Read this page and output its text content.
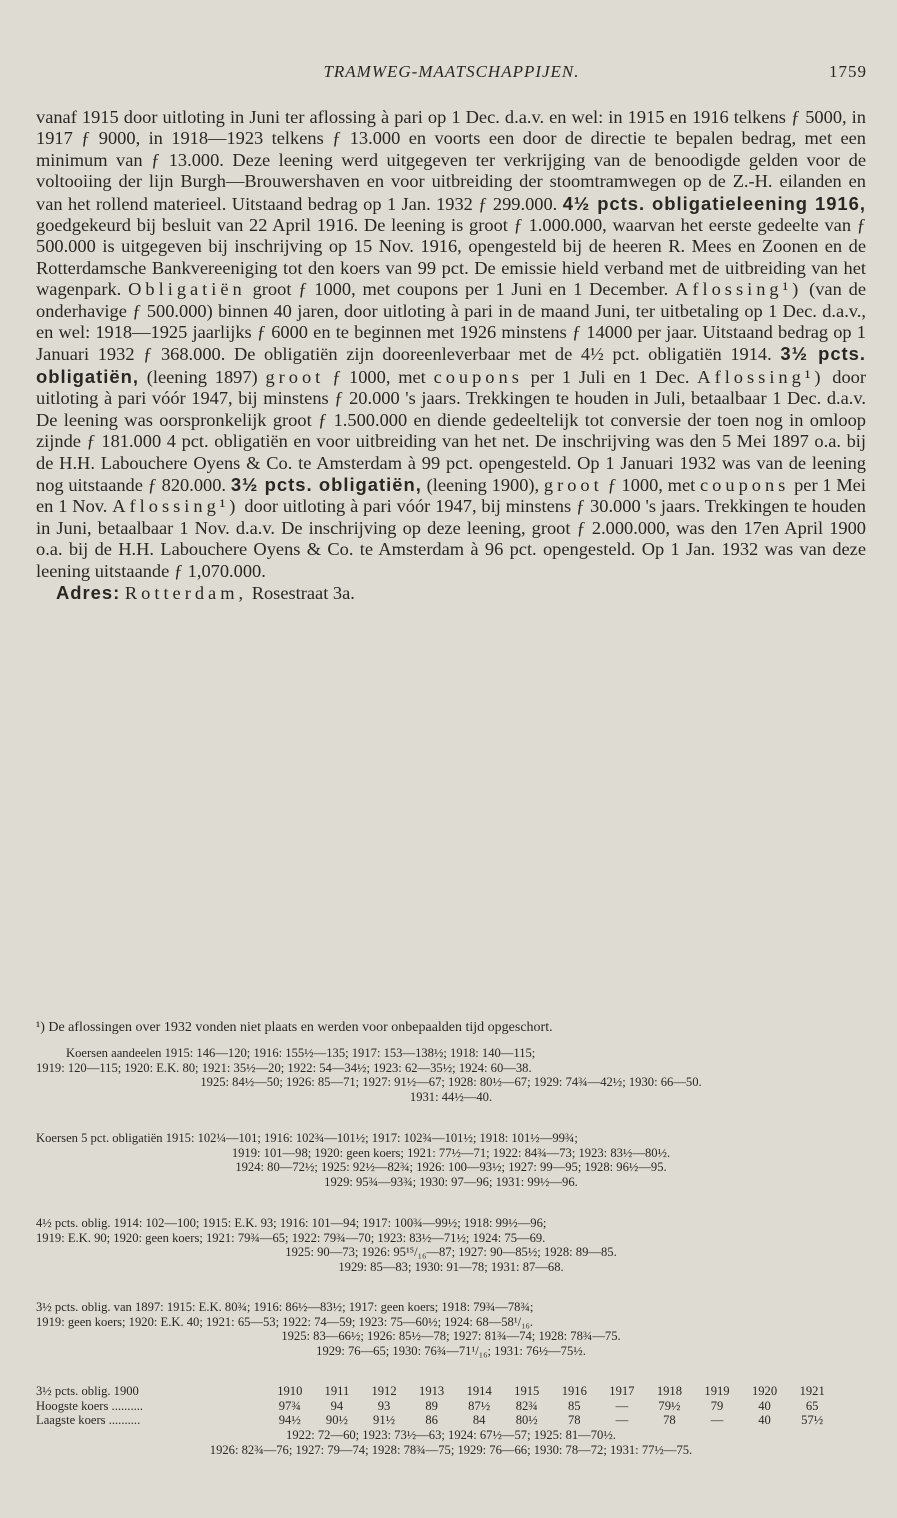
TRAMWEG-MAATSCHAPPIJEN.	1759

vanaf 1915 door uitloting in Juni ter aflossing à pari op 1 Dec. d.a.v. en wel: in 1915 en 1916 telkens ƒ 5000, in 1917 ƒ 9000, in 1918—1923 telkens ƒ 13.000 en voorts een door de directie te bepalen bedrag, met een minimum van ƒ 13.000. Deze leening werd uitgegeven ter verkrijging van de benoodigde gelden voor de voltooiing der lijn Burgh—Brouwershaven en voor uitbreiding der stoomtramwegen op de Z.-H. eilanden en van het rollend materieel. Uitstaand bedrag op 1 Jan. 1932 ƒ 299.000. 4½ pcts. obligatieleening 1916, goedgekeurd bij besluit van 22 April 1916. De leening is groot ƒ 1.000.000, waarvan het eerste gedeelte van ƒ 500.000 is uitgegeven bij inschrijving op 15 Nov. 1916, opengesteld bij de heeren R. Mees en Zoonen en de Rotterdamsche Bankvereeniging tot den koers van 99 pct. De emissie hield verband met de uitbreiding van het wagenpark. Obligatiën groot ƒ 1000, met coupons per 1 Juni en 1 December. Aflossing¹) (van de onderhavige ƒ 500.000) binnen 40 jaren, door uitloting à pari in de maand Juni, ter uitbetaling op 1 Dec. d.a.v., en wel: 1918—1925 jaarlijks ƒ 6000 en te beginnen met 1926 minstens ƒ 14000 per jaar. Uitstaand bedrag op 1 Januari 1932 ƒ 368.000. De obligatiën zijn dooreenleverbaar met de 4½ pct. obligatiën 1914. 3½ pcts. obligatiën, (leening 1897) groot ƒ 1000, met coupons per 1 Juli en 1 Dec. Aflossing¹) door uitloting à pari vóór 1947, bij minstens ƒ 20.000 's jaars. Trekkingen te houden in Juli, betaalbaar 1 Dec. d.a.v. De leening was oorspronkelijk groot ƒ 1.500.000 en diende gedeeltelijk tot conversie der toen nog in omloop zijnde ƒ 181.000 4 pct. obligatiën en voor uitbreiding van het net. De inschrijving was den 5 Mei 1897 o.a. bij de H.H. Labouchere Oyens & Co. te Amsterdam à 99 pct. opengesteld. Op 1 Januari 1932 was van de leening nog uitstaande ƒ 820.000. 3½ pcts. obligatiën, (leening 1900), groot ƒ 1000, met coupons per 1 Mei en 1 Nov. Aflossing¹) door uitloting à pari vóór 1947, bij minstens ƒ 30.000 's jaars. Trekkingen te houden in Juni, betaalbaar 1 Nov. d.a.v. De inschrijving op deze leening, groot ƒ 2.000.000, was den 17en April 1900 o.a. bij de H.H. Labouchere Oyens & Co. te Amsterdam à 96 pct. opengesteld. Op 1 Jan. 1932 was van deze leening uitstaande ƒ 1,070.000.

Adres: Rotterdam, Rosestraat 3a.

¹) De aflossingen over 1932 vonden niet plaats en werden voor onbepaalden tijd opgeschort.

Koersen aandeelen 1915: 146—120; 1916: 155½—135; 1917: 153—138½; 1918: 140—115;

1919: 120—115; 1920: E.K. 80; 1921: 35½—20; 1922: 54—34½; 1923: 62—35½; 1924: 60—38.

1925: 84½—50; 1926: 85—71; 1927: 91½—67; 1928: 80½—67; 1929: 74¾—42½; 1930: 66—50.

1931: 44½—40.

Koersen 5 pct. obligatiën 1915: 102¼—101; 1916: 102¾—101½; 1917: 102¾—101½; 1918: 101½—99¾;

1919: 101—98; 1920: geen koers; 1921: 77½—71; 1922: 84¾—73; 1923: 83½—80½.

1924: 80—72½; 1925: 92½—82¾; 1926: 100—93½; 1927: 99—95; 1928: 96½—95.

1929: 95¾—93¾; 1930: 97—96; 1931: 99½—96.

4½ pcts. oblig. 1914: 102—100; 1915: E.K. 93; 1916: 101—94; 1917: 100¾—99½; 1918: 99½—96;

1919: E.K. 90; 1920: geen koers; 1921: 79¾—65; 1922: 79¾—70; 1923: 83½—71½; 1924: 75—69.

1925: 90—73; 1926: 95¹⁵/₁₆—87; 1927: 90—85½; 1928: 89—85.

1929: 85—83; 1930: 91—78; 1931: 87—68.

3½ pcts. oblig. van 1897: 1915: E.K. 80¾; 1916: 86½—83½; 1917: geen koers; 1918: 79¾—78¾;

1919: geen koers; 1920: E.K. 40; 1921: 65—53; 1922: 74—59; 1923: 75—60½; 1924: 68—58¹/₁₆.

1925: 83—66½; 1926: 85½—78; 1927: 81¾—74; 1928: 78¾—75.

1929: 76—65; 1930: 76¾—71¹/₁₆; 1931: 76½—75½.

3½ pcts. oblig. 1900	1910	1911	1912	1913	1914	1915	1916	1917	1918	1919	1920	1921
Hoogste koers ..........	97¾	94	93	89	87½	82¾	85	—	79½	79	40	65
Laagste koers ..........	94½	90½	91½	86	84	80½	78	—	78	—	40	57½

1922: 72—60; 1923: 73½—63; 1924: 67½—57; 1925: 81—70½.

1926: 82¾—76; 1927: 79—74; 1928: 78¾—75; 1929: 76—66; 1930: 78—72; 1931: 77½—75.
